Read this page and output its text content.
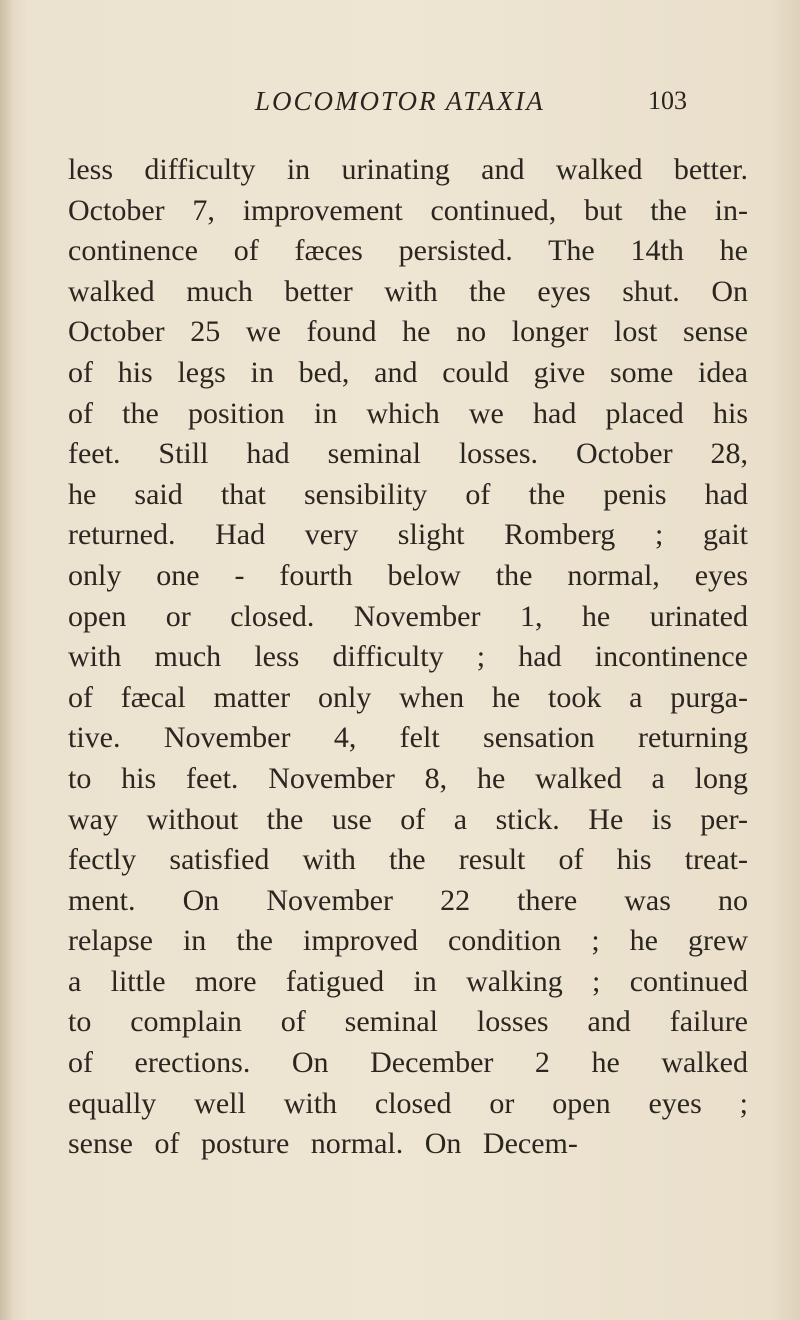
LOCOMOTOR ATAXIA	103
less difficulty in urinating and walked better.
October 7, improvement continued, but the in-
continence of fæces persisted. The 14th he
walked much better with the eyes shut. On
October 25 we found he no longer lost sense
of his legs in bed, and could give some idea
of the position in which we had placed his
feet. Still had seminal losses. October 28,
he said that sensibility of the penis had
returned. Had very slight Romberg ; gait
only one - fourth below the normal, eyes
open or closed. November 1, he urinated
with much less difficulty ; had incontinence
of fæcal matter only when he took a purga-
tive. November 4, felt sensation returning
to his feet. November 8, he walked a long
way without the use of a stick. He is per-
fectly satisfied with the result of his treat-
ment. On November 22 there was no
relapse in the improved condition ; he grew
a little more fatigued in walking ; continued
to complain of seminal losses and failure
of erections. On December 2 he walked
equally well with closed or open eyes ;
sense of posture normal. On Decem-
